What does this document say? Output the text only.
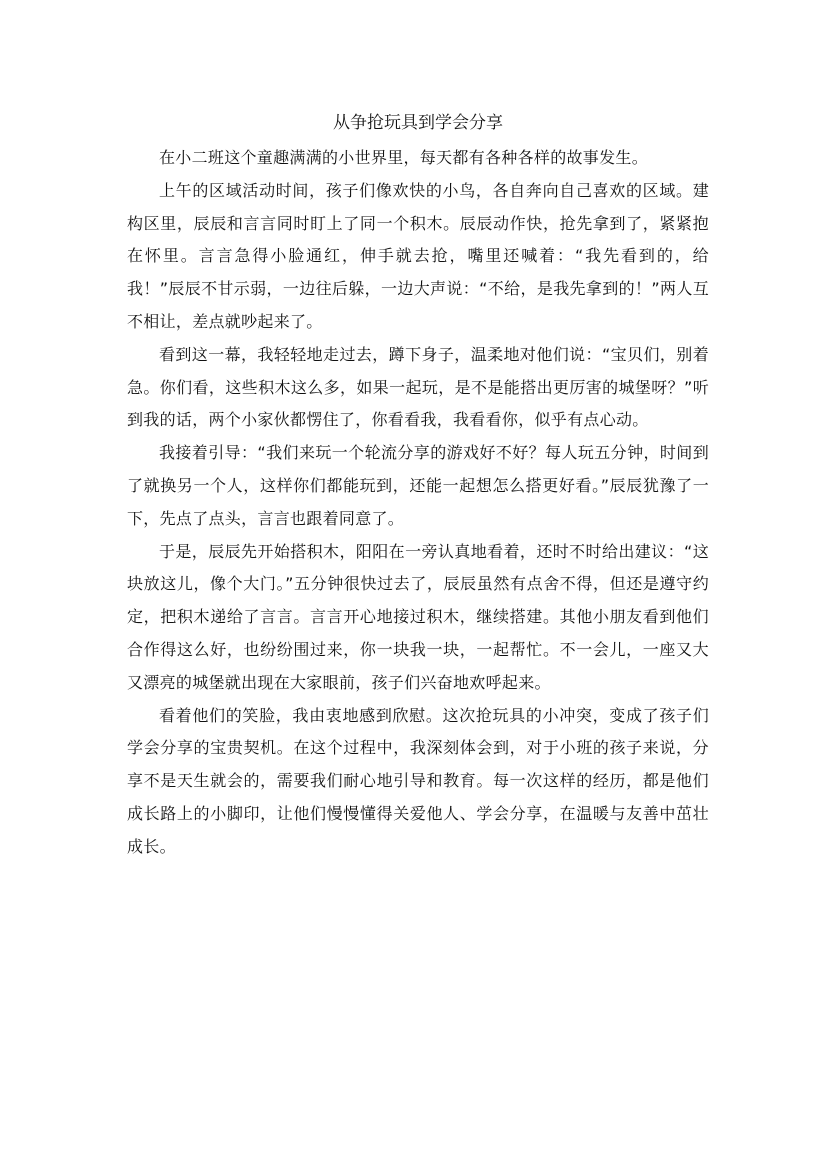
从争抢玩具到学会分享

在小二班这个童趣满满的小世界里，每天都有各种各样的故事发生。

上午的区域活动时间，孩子们像欢快的小鸟，各自奔向自己喜欢的区域。建构区里，辰辰和言言同时盯上了同一个积木。辰辰动作快，抢先拿到了，紧紧抱在怀里。言言急得小脸通红，伸手就去抢，嘴里还喊着：“我先看到的，给我！”辰辰不甘示弱，一边往后躲，一边大声说：“不给，是我先拿到的！”两人互不相让，差点就吵起来了。

看到这一幕，我轻轻地走过去，蹲下身子，温柔地对他们说：“宝贝们，别着急。你们看，这些积木这么多，如果一起玩，是不是能搭出更厉害的城堡呀？”听到我的话，两个小家伙都愣住了，你看看我，我看看你，似乎有点心动。

我接着引导：“我们来玩一个轮流分享的游戏好不好？每人玩五分钟，时间到了就换另一个人，这样你们都能玩到，还能一起想怎么搭更好看。”辰辰犹豫了一下，先点了点头，言言也跟着同意了。

于是，辰辰先开始搭积木，阳阳在一旁认真地看着，还时不时给出建议：“这块放这儿，像个大门。”五分钟很快过去了，辰辰虽然有点舍不得，但还是遵守约定，把积木递给了言言。言言开心地接过积木，继续搭建。其他小朋友看到他们合作得这么好，也纷纷围过来，你一块我一块，一起帮忙。不一会儿，一座又大又漂亮的城堡就出现在大家眼前，孩子们兴奋地欢呼起来。

看着他们的笑脸，我由衷地感到欣慰。这次抢玩具的小冲突，变成了孩子们学会分享的宝贵契机。在这个过程中，我深刻体会到，对于小班的孩子来说，分享不是天生就会的，需要我们耐心地引导和教育。每一次这样的经历，都是他们成长路上的小脚印，让他们慢慢懂得关爱他人、学会分享，在温暖与友善中茁壮成长。
